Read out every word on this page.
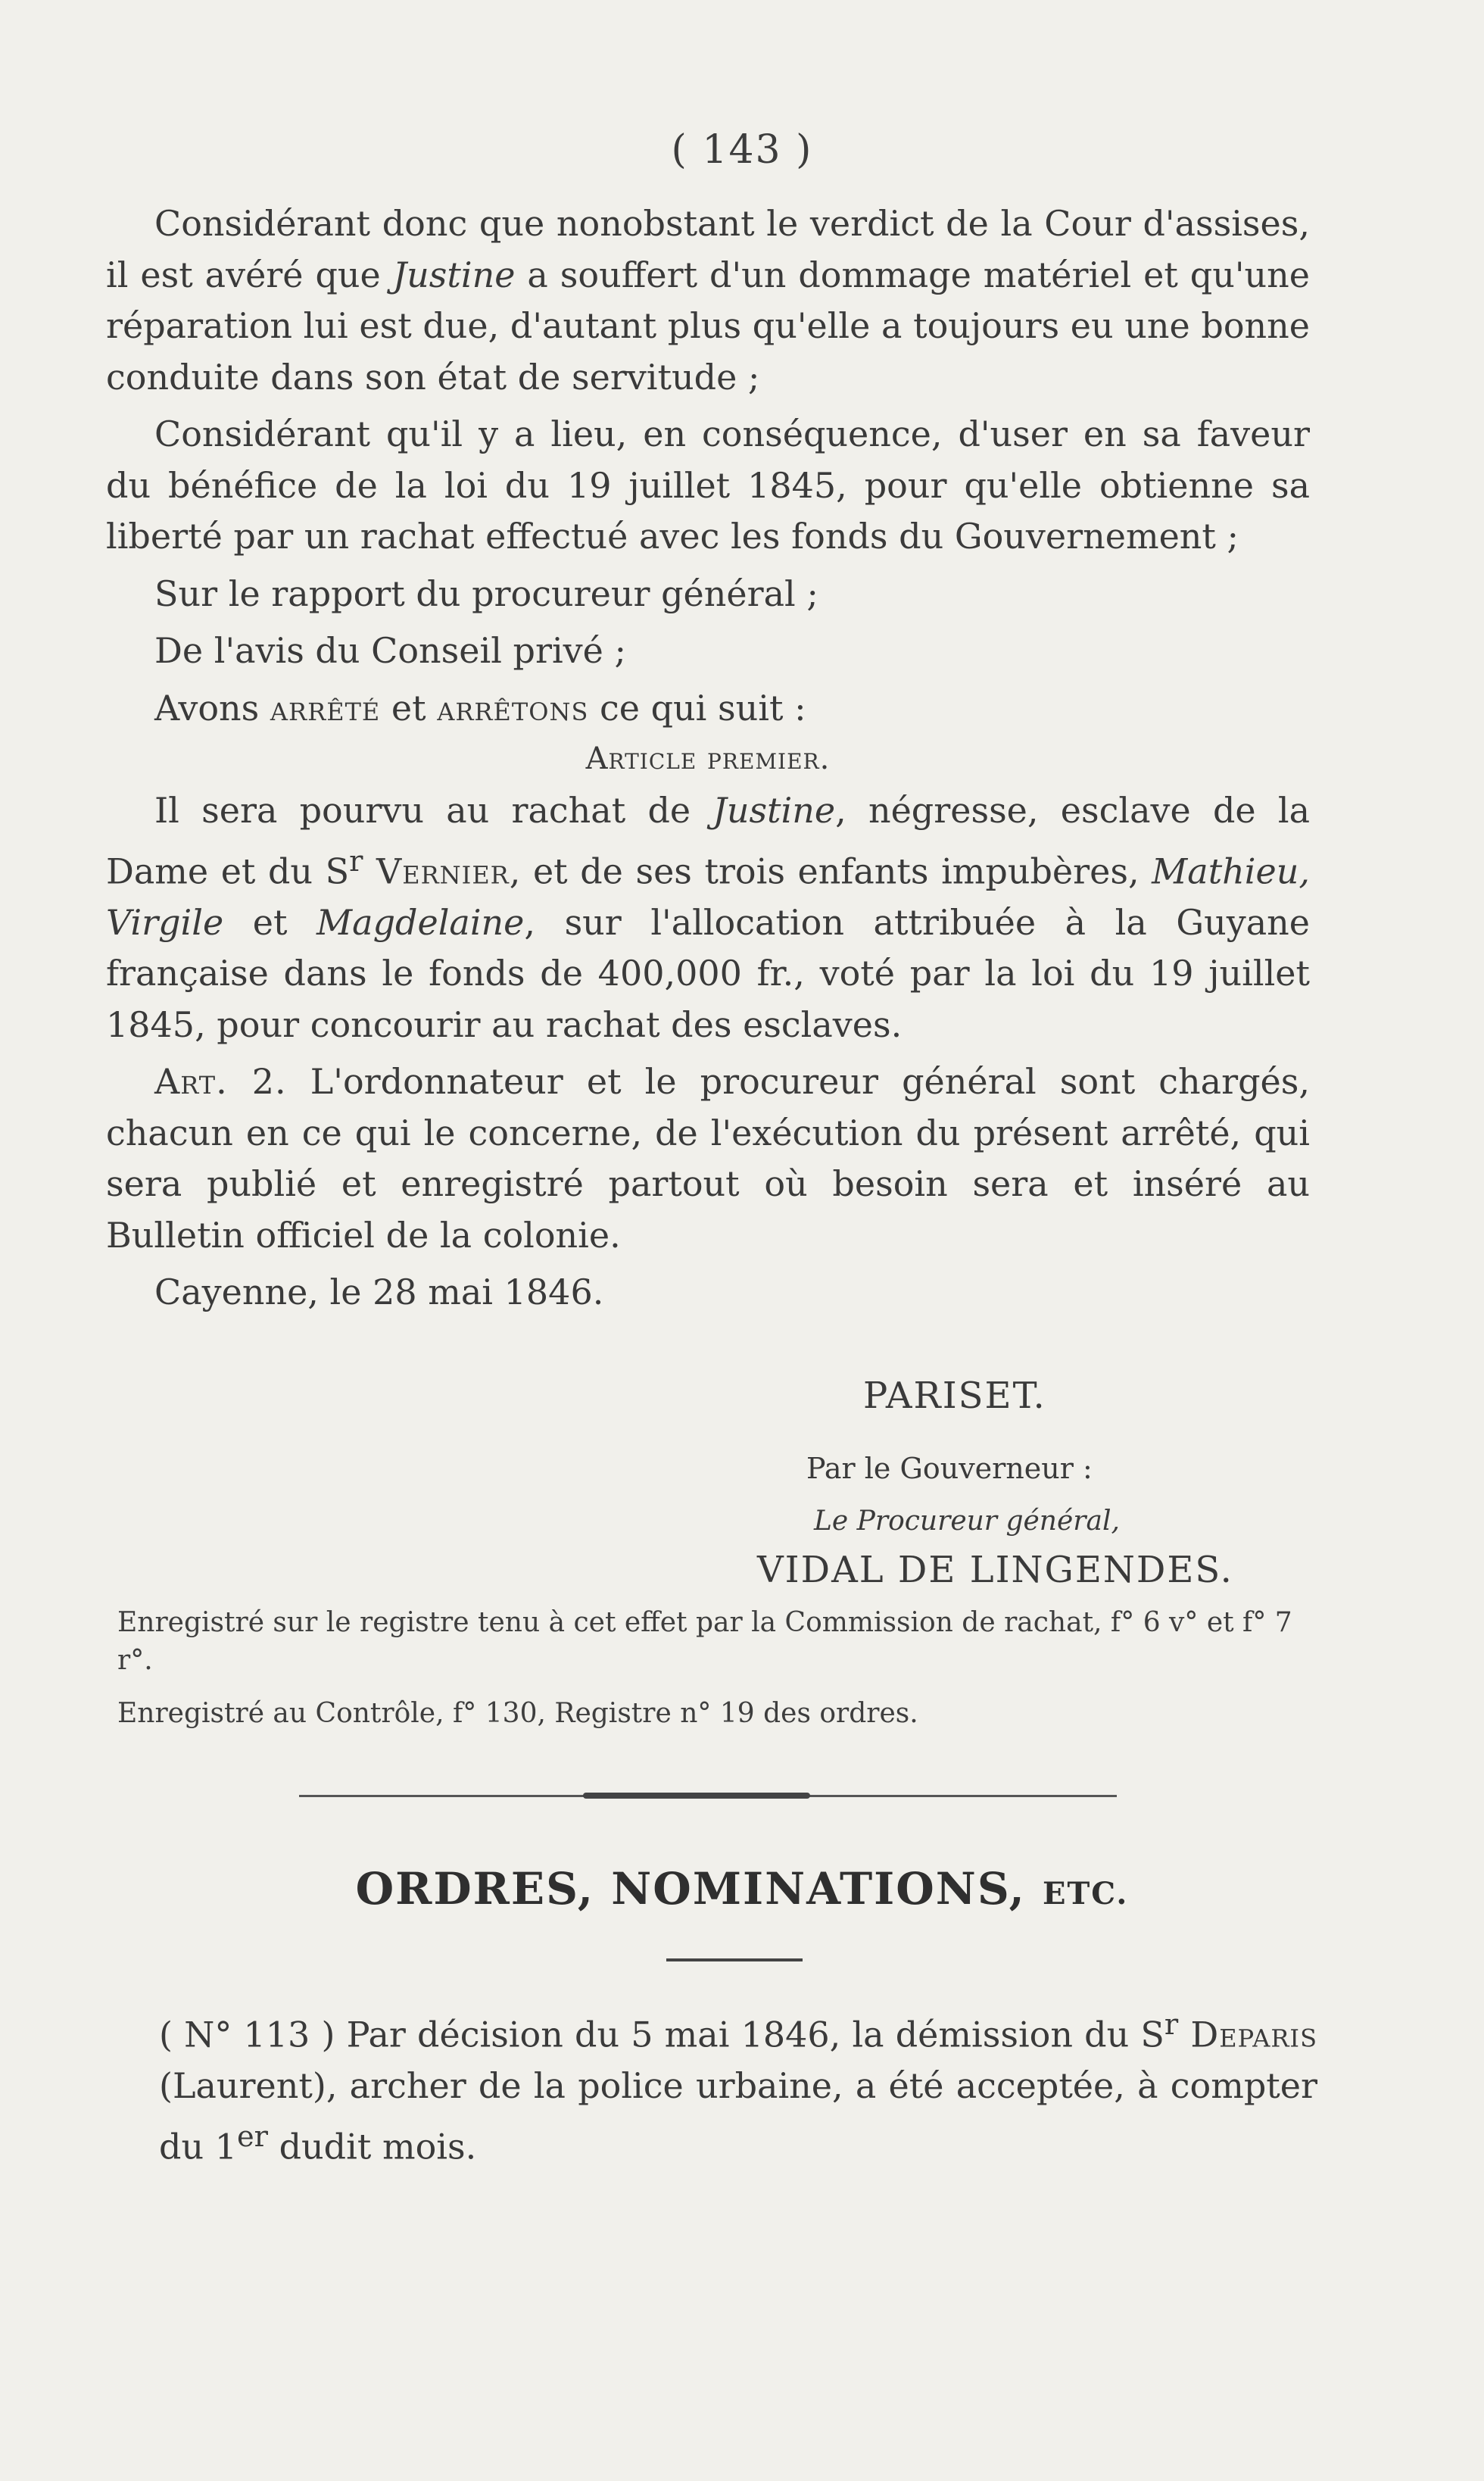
( 143 )

Considérant donc que nonobstant le verdict de la Cour d'assises, il est avéré que Justine a souffert d'un dommage matériel et qu'une réparation lui est due, d'autant plus qu'elle a toujours eu une bonne conduite dans son état de servitude ;

Considérant qu'il y a lieu, en conséquence, d'user en sa faveur du bénéfice de la loi du 19 juillet 1845, pour qu'elle obtienne sa liberté par un rachat effectué avec les fonds du Gouvernement ;

Sur le rapport du procureur général ;

De l'avis du Conseil privé ;

Avons arrêté et arrêtons ce qui suit :

Article premier.

Il sera pourvu au rachat de Justine, négresse, esclave de la Dame et du $S^r$ Vernier, et de ses trois enfants impubères, Mathieu, Virgile et Magdelaine, sur l'allocation attribuée à la Guyane française dans le fonds de 400,000 fr., voté par la loi du 19 juillet 1845, pour concourir au rachat des esclaves.

Art. 2. L'ordonnateur et le procureur général sont chargés, chacun en ce qui le concerne, de l'exécution du présent arrêté, qui sera publié et enregistré partout où besoin sera et inséré au Bulletin officiel de la colonie.

Cayenne, le 28 mai 1846.

PARISET.
Par le Gouverneur :
Le Procureur général,
VIDAL DE LINGENDES.
Enregistré sur le registre tenu à cet effet par la Commission de rachat, f° 6 v° et f° 7 r°.
Enregistré au Contrôle, f° 130, Registre n° 19 des ordres.
ORDRES, NOMINATIONS, ETC.

( N° 113 ) Par décision du 5 mai 1846, la démission du $S^r$ Deparis (Laurent), archer de la police urbaine, a été acceptée, à compter du 1er dudit mois.
